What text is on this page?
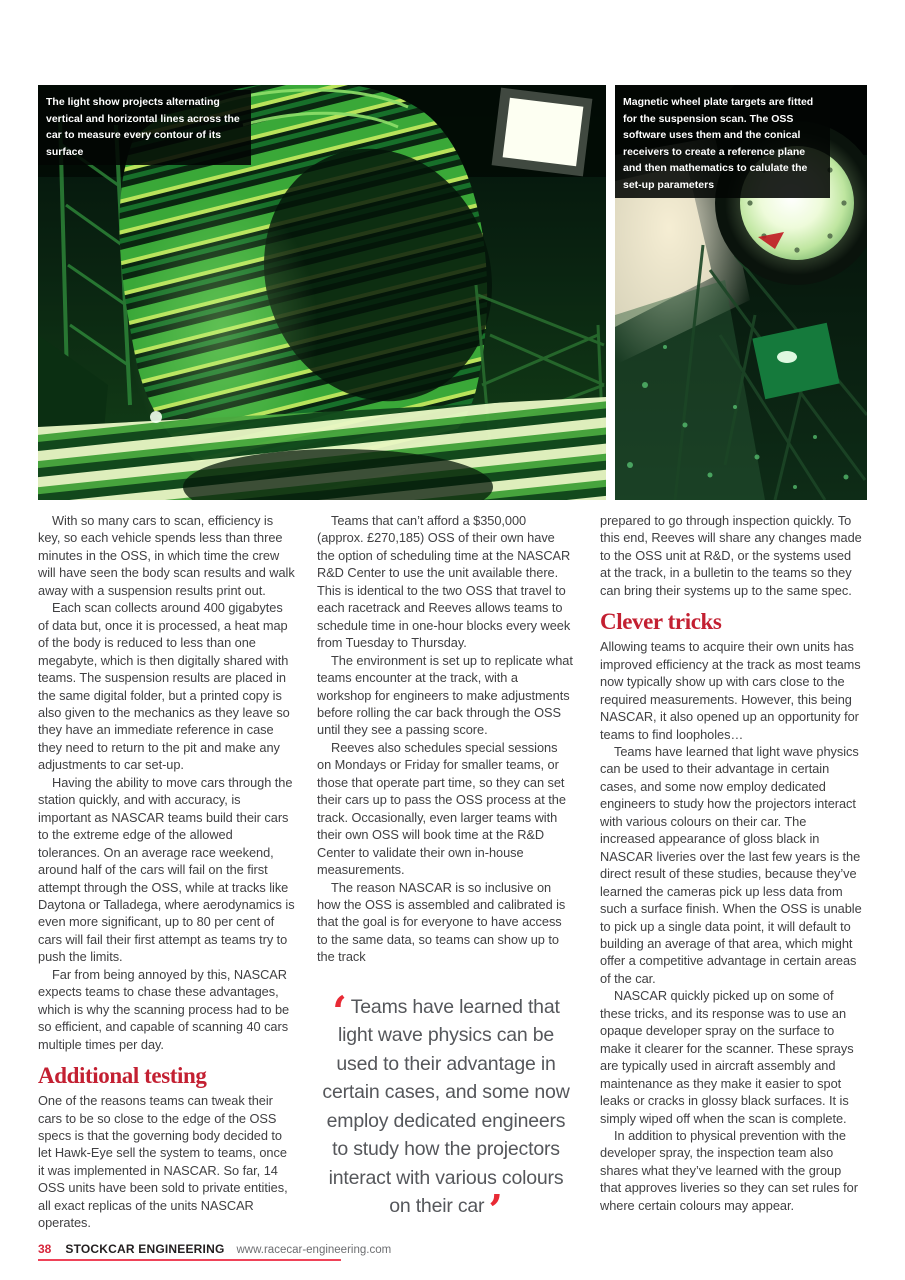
The light show projects alternating vertical and horizontal lines across the car to measure every contour of its surface
Magnetic wheel plate targets are fitted for the suspension scan. The OSS software uses them and the conical receivers to create a reference plane and then mathematics to calulate the set-up parameters

With so many cars to scan, efficiency is key, so each vehicle spends less than three minutes in the OSS, in which time the crew will have seen the body scan results and walk away with a suspension results print out.

Each scan collects around 400 gigabytes of data but, once it is processed, a heat map of the body is reduced to less than one megabyte, which is then digitally shared with teams. The suspension results are placed in the same digital folder, but a printed copy is also given to the mechanics as they leave so they have an immediate reference in case they need to return to the pit and make any adjustments to car set-up.

Having the ability to move cars through the station quickly, and with accuracy, is important as NASCAR teams build their cars to the extreme edge of the allowed tolerances. On an average race weekend, around half of the cars will fail on the first attempt through the OSS, while at tracks like Daytona or Talladega, where aerodynamics is even more significant, up to 80 per cent of cars will fail their first attempt as teams try to push the limits.

Far from being annoyed by this, NASCAR expects teams to chase these advantages, which is why the scanning process had to be so efficient, and capable of scanning 40 cars multiple times per day.

Additional testing

One of the reasons teams can tweak their cars to be so close to the edge of the OSS specs is that the governing body decided to let Hawk-Eye sell the system to teams, once it was implemented in NASCAR. So far, 14 OSS units have been sold to private entities, all exact replicas of the units NASCAR operates.

Teams that can’t afford a $350,000 (approx. £270,185) OSS of their own have the option of scheduling time at the NASCAR R&D Center to use the unit available there. This is identical to the two OSS that travel to each racetrack and Reeves allows teams to schedule time in one-hour blocks every week from Tuesday to Thursday.

The environment is set up to replicate what teams encounter at the track, with a workshop for engineers to make adjustments before rolling the car back through the OSS until they see a passing score.

Reeves also schedules special sessions on Mondays or Friday for smaller teams, or those that operate part time, so they can set their cars up to pass the OSS process at the track. Occasionally, even larger teams with their own OSS will book time at the R&D Center to validate their own in-house measurements.

The reason NASCAR is so inclusive on how the OSS is assembled and calibrated is that the goal is for everyone to have access to the same data, so teams can show up to the track

‘ Teams have learned that light wave physics can be used to their advantage in certain cases, and some now employ dedicated engineers to study how the projectors interact with various colours on their car’

prepared to go through inspection quickly. To this end, Reeves will share any changes made to the OSS unit at R&D, or the systems used at the track, in a bulletin to the teams so they can bring their systems up to the same spec.

Clever tricks

Allowing teams to acquire their own units has improved efficiency at the track as most teams now typically show up with cars close to the required measurements. However, this being NASCAR, it also opened up an opportunity for teams to find loopholes…

Teams have learned that light wave physics can be used to their advantage in certain cases, and some now employ dedicated engineers to study how the projectors interact with various colours on their car. The increased appearance of gloss black in NASCAR liveries over the last few years is the direct result of these studies, because they’ve learned the cameras pick up less data from such a surface finish. When the OSS is unable to pick up a single data point, it will default to building an average of that area, which might offer a competitive advantage in certain areas of the car.

NASCAR quickly picked up on some of these tricks, and its response was to use an opaque developer spray on the surface to make it clearer for the scanner. These sprays are typically used in aircraft assembly and maintenance as they make it easier to spot leaks or cracks in glossy black surfaces. It is simply wiped off when the scan is complete.

In addition to physical prevention with the developer spray, the inspection team also shares what they’ve learned with the group that approves liveries so they can set rules for where certain colours may appear.

38 STOCKCAR ENGINEERING www.racecar-engineering.com
